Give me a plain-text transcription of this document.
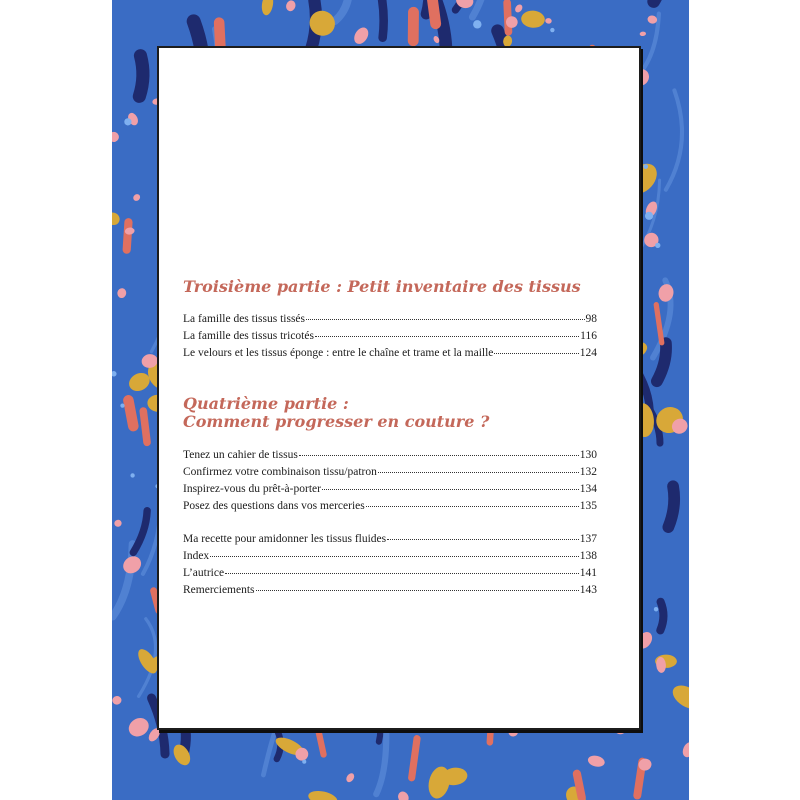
Troisième partie : Petit inventaire des tissus
La famille des tissus tissés	98
La famille des tissus tricotés	116
Le velours et les tissus éponge : entre le chaîne et trame et la maille	124
Quatrième partie :
Comment progresser en couture ?
Tenez un cahier de tissus	130
Confirmez votre combinaison tissu/patron	132
Inspirez-vous du prêt-à-porter	134
Posez des questions dans vos merceries	135
Ma recette pour amidonner les tissus fluides	137
Index	138
L’autrice	141
Remerciements	143
